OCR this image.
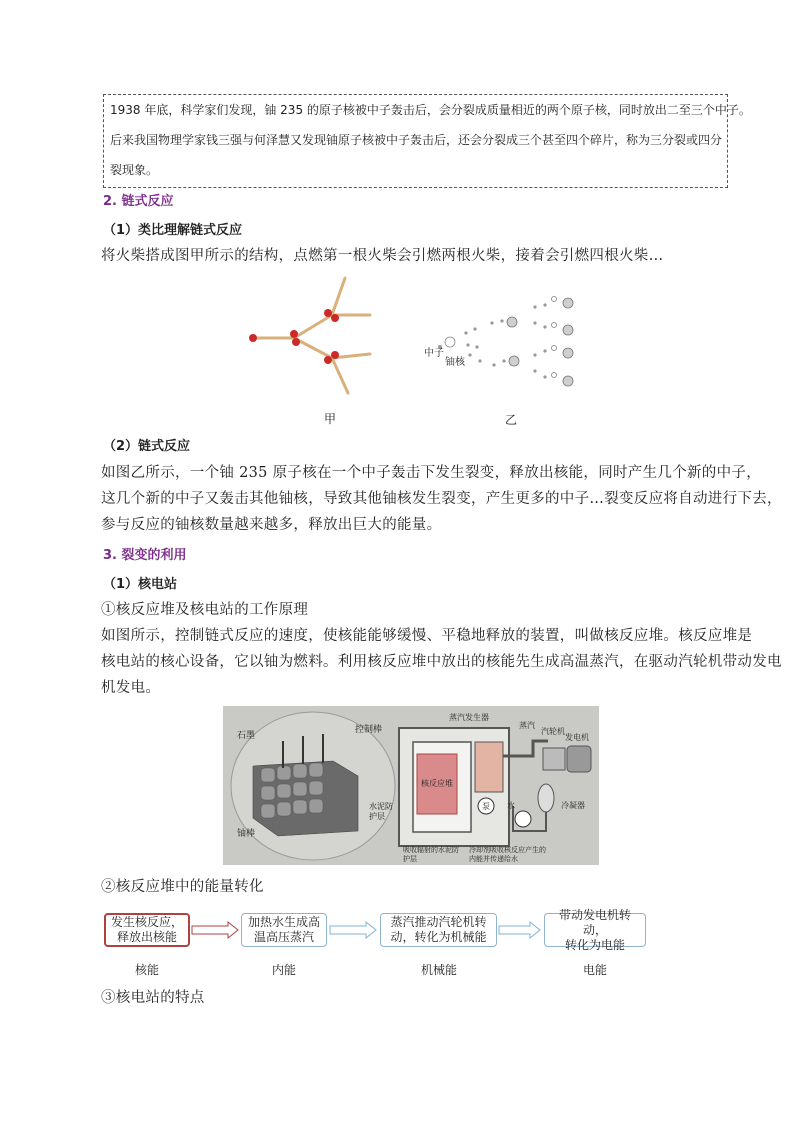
1938 年底，科学家们发现，铀 235 的原子核被中子轰击后，会分裂成质量相近的两个原子核，同时放出二至三个中子。
后来我国物理学家钱三强与何泽慧又发现铀原子核被中子轰击后，还会分裂成三个甚至四个碎片，称为三分裂或四分
裂现象。
2. 链式反应
（1）类比理解链式反应
将火柴搭成图甲所示的结构，点燃第一根火柴会引燃两根火柴，接着会引燃四根火柴…
甲
中子
铀核
乙
（2）链式反应
如图乙所示，一个铀 235 原子核在一个中子轰击下发生裂变，释放出核能，同时产生几个新的中子，
这几个新的中子又轰击其他铀核，导致其他铀核发生裂变，产生更多的中子…裂变反应将自动进行下去，
参与反应的铀核数量越来越多，释放出巨大的能量。
3. 裂变的利用
（1）核电站
①核反应堆及核电站的工作原理
如图所示，控制链式反应的速度，使核能能够缓慢、平稳地释放的装置，叫做核反应堆。核反应堆是
核电站的核心设备，它以铀为燃料。利用核反应堆中放出的核能先生成高温蒸汽，在驱动汽轮机带动发电
机发电。
石墨
控制棒
铀棒
水泥防护层
蒸汽发生器
蒸汽
汽轮机
发电机
核反应堆
泵 水	冷凝器
吸收辐射的水泥防护层
冷却剂吸收核反应产生的内能并传递给水
②核反应堆中的能量转化
发生核反应，
释放出核能
加热水生成高
温高压蒸汽
蒸汽推动汽轮机转
动，转化为机械能
带动发电机转动，
转化为电能
核能	内能	机械能	电能
③核电站的特点
